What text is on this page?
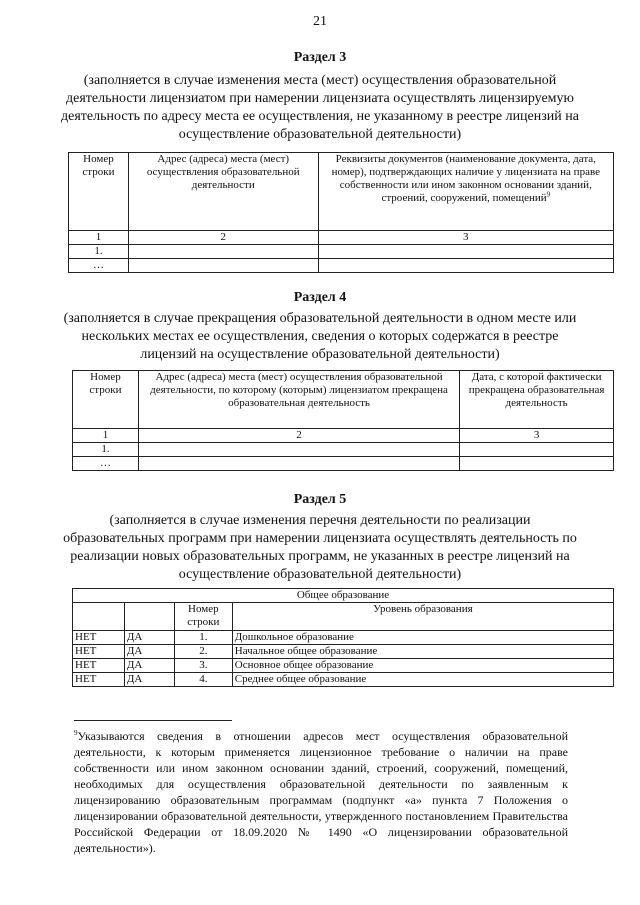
21
Раздел 3
(заполняется в случае изменения места (мест) осуществления образовательной деятельности лицензиатом при намерении лицензиата осуществлять лицензируемую деятельность по адресу места ее осуществления, не указанному в реестре лицензий на осуществление образовательной деятельности)
Номер строки	Адрес (адреса) места (мест) осуществления образовательной деятельности	Реквизиты документов (наименование документа, дата, номер), подтверждающих наличие у лицензиата на праве собственности или ином законном основании зданий, строений, сооружений, помещений$^9$
1	2	3
1.		
…		
Раздел 4
(заполняется в случае прекращения образовательной деятельности в одном месте или нескольких местах ее осуществления, сведения о которых содержатся в реестре лицензий на осуществление образовательной деятельности)
Номер строки	Адрес (адреса) места (мест) осуществления образовательной деятельности, по которому (которым) лицензиатом прекращена образовательная деятельность	Дата, с которой фактически прекращена образовательная деятельность
1	2	3
1.		
…		
Раздел 5
(заполняется в случае изменения перечня деятельности по реализации образовательных программ при намерении лицензиата осуществлять деятельность по реализации новых образовательных программ, не указанных в реестре лицензий на осуществление образовательной деятельности)
Общее образование			
		Номер строки	Уровень образования
НЕТ	ДА	1.	Дошкольное образование
НЕТ	ДА	2.	Начальное общее образование
НЕТ	ДА	3.	Основное общее образование
НЕТ	ДА	4.	Среднее общее образование
$^9$Указываются сведения в отношении адресов мест осуществления образовательной деятельности, к которым применяется лицензионное требование о наличии на праве собственности или ином законном основании зданий, строений, сооружений, помещений, необходимых для осуществления образовательной деятельности по заявленным к лицензированию образовательным программам (подпункт «а» пункта 7 Положения о лицензировании образовательной деятельности, утвержденного постановлением Правительства Российской Федерации от 18.09.2020 № 1490 «О лицензировании образовательной деятельности»).
